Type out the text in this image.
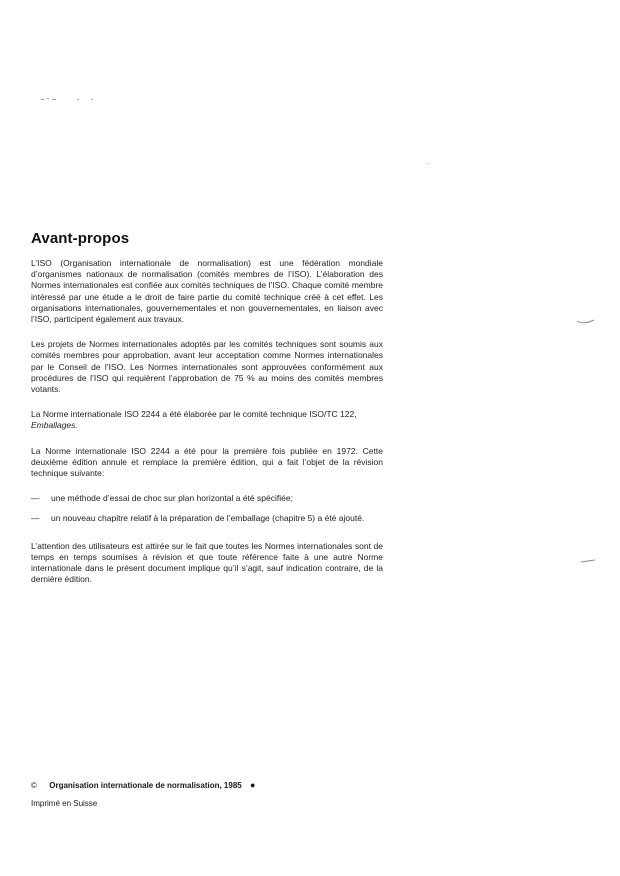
Avant-propos

L’ISO (Organisation internationale de normalisation) est une fédération mondiale d’organismes nationaux de normalisation (comités membres de l’ISO). L’élaboration des Normes internationales est confiée aux comités techniques de l’ISO. Chaque comité membre intéressé par une étude a le droit de faire partie du comité technique créé à cet effet. Les organisations internationales, gouvernementales et non gouvernementales, en liaison avec l’ISO, participent également aux travaux.

Les projets de Normes internationales adoptés par les comités techniques sont soumis aux comités membres pour approbation, avant leur acceptation comme Normes internationales par le Conseil de l’ISO. Les Normes internationales sont approuvées conformément aux procédures de l’ISO qui requièrent l’approbation de 75 % au moins des comités membres votants.

La Norme internationale ISO 2244 a été élaborée par le comité technique ISO/TC 122,
Emballages.

La Norme internationale ISO 2244 a été pour la première fois publiée en 1972. Cette deuxième édition annule et remplace la première édition, qui a fait l’objet de la révision technique suivante:

—	une méthode d’essai de choc sur plan horizontal a été spécifiée;
—	un nouveau chapitre relatif à la préparation de l’emballage (chapitre 5) a été ajouté.

L’attention des utilisateurs est attirée sur le fait que toutes les Normes internationales sont de temps en temps soumises à révision et que toute référence faite à une autre Norme internationale dans le présent document implique qu’il s’agit, sauf indication contraire, de la dernière édition.

© Organisation internationale de normalisation, 1985 ●
Imprimé en Suisse
